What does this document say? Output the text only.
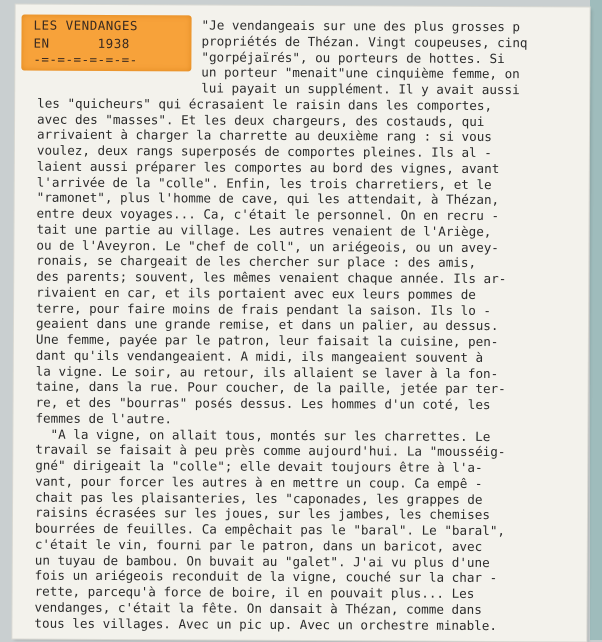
LES VENDANGES
EN      1938
-=-=-=-=-=-=-
"Je vendangeais sur une des plus grosses p
propriétés de Thézan. Vingt coupeuses, cinq
"gorpéjaïrés", ou porteurs de hottes. Si
un porteur "menait"une cinquième femme, on
lui payait un supplément. Il y avait aussi
les "quicheurs" qui écrasaient le raisin dans les comportes,
avec des "masses". Et les deux chargeurs, des costauds, qui
arrivaient à charger la charrette au deuxième rang : si vous
voulez, deux rangs superposés de comportes pleines. Ils al -
laient aussi préparer les comportes au bord des vignes, avant
l'arrivée de la "colle". Enfin, les trois charretiers, et le
"ramonet", plus l'homme de cave, qui les attendait, à Thézan,
entre deux voyages... Ca, c'était le personnel. On en recru -
tait une partie au village. Les autres venaient de l'Ariège,
ou de l'Aveyron. Le "chef de coll", un ariégeois, ou un avey-
ronais, se chargeait de les chercher sur place : des amis,
des parents; souvent, les mêmes venaient chaque année. Ils ar-
rivaient en car, et ils portaient avec eux leurs pommes de
terre, pour faire moins de frais pendant la saison. Ils lo -
geaient dans une grande remise, et dans un palier, au dessus.
Une femme, payée par le patron, leur faisait la cuisine, pen-
dant qu'ils vendangeaient. A midi, ils mangeaient souvent à
la vigne. Le soir, au retour, ils allaient se laver à la fon-
taine, dans la rue. Pour coucher, de la paille, jetée par ter-
re, et des "bourras" posés dessus. Les hommes d'un coté, les
femmes de l'autre.
"A la vigne, on allait tous, montés sur les charrettes. Le
travail se faisait à peu près comme aujourd'hui. La "mousséig-
gné" dirigeait la "colle"; elle devait toujours être à l'a-
vant, pour forcer les autres à en mettre un coup. Ca empê -
chait pas les plaisanteries, les "caponades, les grappes de
raisins écrasées sur les joues, sur les jambes, les chemises
bourrées de feuilles. Ca empêchait pas le "baral". Le "baral",
c'était le vin, fourni par le patron, dans un baricot, avec
un tuyau de bambou. On buvait au "galet". J'ai vu plus d'une
fois un ariégeois reconduit de la vigne, couché sur la char -
rette, parcequ'à force de boire, il en pouvait plus... Les
vendanges, c'était la fête. On dansait à Thézan, comme dans
tous les villages. Avec un pic up. Avec un orchestre minable.
